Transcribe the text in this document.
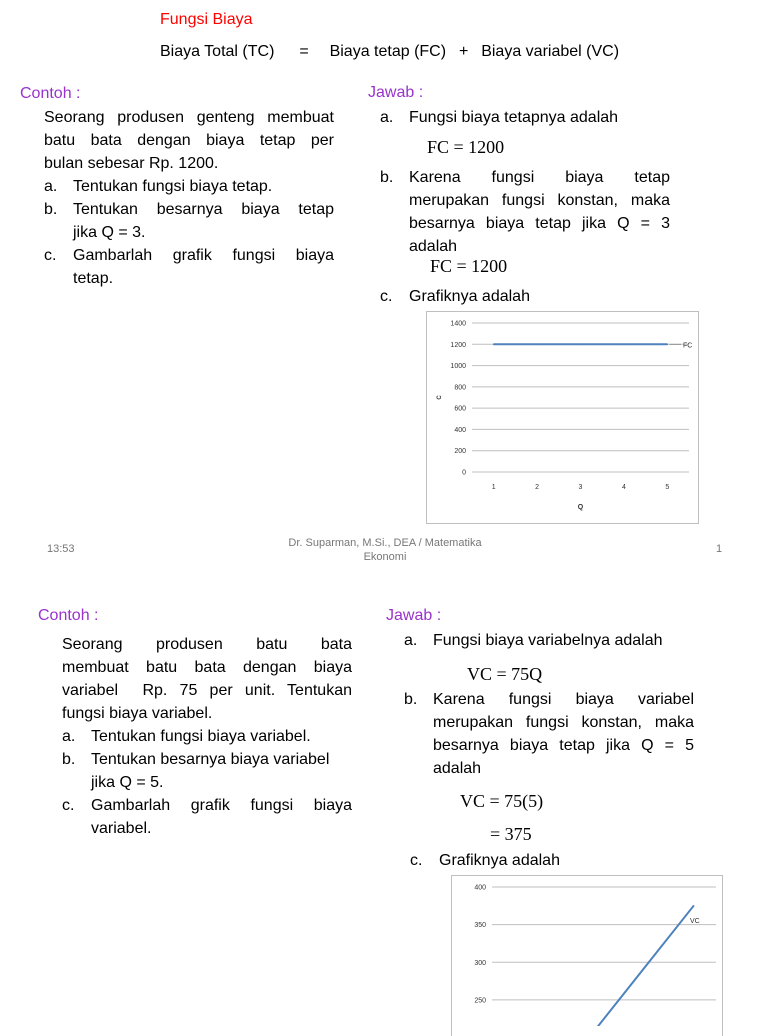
Fungsi Biaya
Biaya Total (TC) = Biaya tetap (FC) + Biaya variabel (VC)
Contoh :	Jawab :
Seorang produsen genteng membuat
batu bata dengan biaya tetap per
bulan sebesar Rp. 1200.
a. Tentukan fungsi biaya tetap.
b. Tentukan besarnya biaya tetap
jika Q = 3.
c.	Gambarlah grafik fungsi biaya
tetap.
a. Fungsi biaya tetapnya adalah
FC = 1200
b. Karena fungsi biaya tetap
merupakan fungsi konstan, maka
besarnya biaya tetap jika Q = 3
adalah
FC = 1200
c.	Grafiknya adalah
0
200
400
600
800
1000
1200
1400
1	2	3	4	5
Q
C
FC
13:53	Dr. Suparman, M.Si., DEA / Matematika
Ekonomi
1
Contoh :	Jawab :
Seorang produsen batu bata
membuat batu bata dengan biaya
variabel  Rp. 75 per unit. Tentukan
fungsi biaya variabel.
a. Tentukan fungsi biaya variabel.
b. Tentukan besarnya biaya variabel
jika Q = 5.
c.	Gambarlah grafik fungsi biaya
variabel.
a. Fungsi biaya variabelnya adalah
VC = 75Q
b. Karena fungsi biaya variabel
merupakan fungsi konstan, maka
besarnya biaya tetap jika Q = 5
adalah
VC = 75(5)
= 375
c.	Grafiknya adalah
250
300
350
400
VC
